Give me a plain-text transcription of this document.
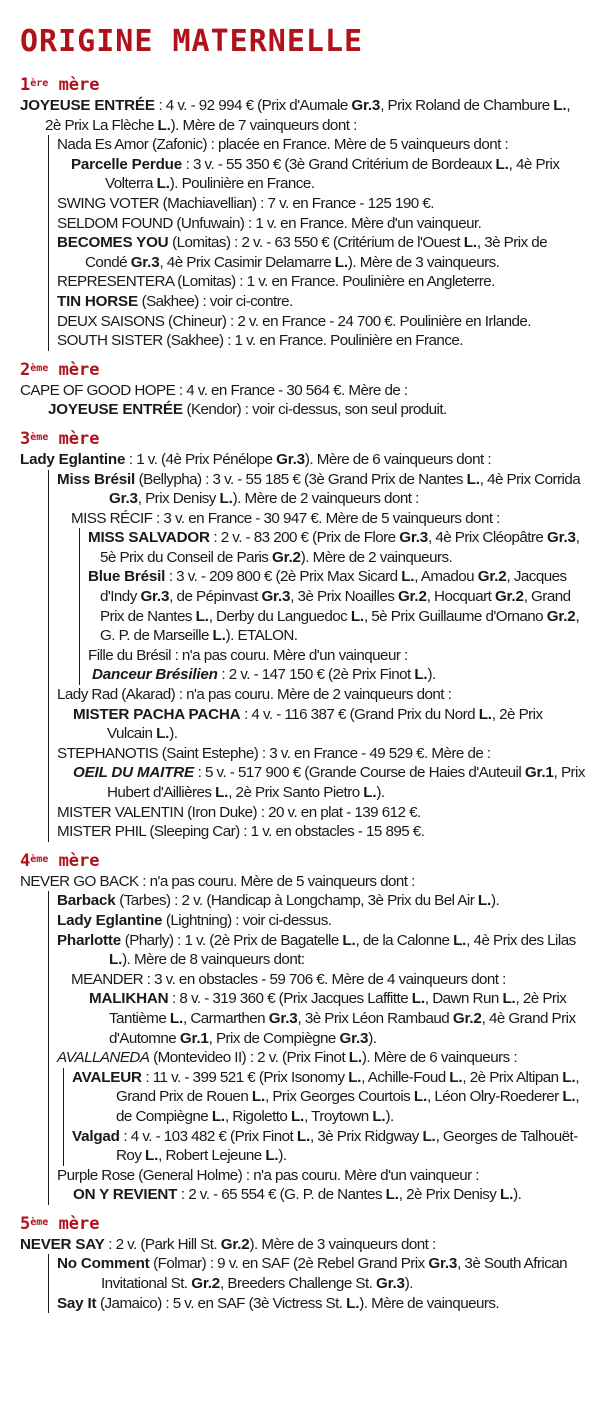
ORIGINE MATERNELLE
1ère mère
JOYEUSE ENTRÉE : 4 v. - 92 994 € (Prix d'Aumale Gr.3, Prix Roland de Chambure L., 2è Prix La Flèche L.). Mère de 7 vainqueurs dont :
Nada Es Amor (Zafonic) : placée en France. Mère de 5 vainqueurs dont :
Parcelle Perdue : 3 v. - 55 350 € (3è Grand Critérium de Bordeaux L., 4è Prix Volterra L.). Poulinière en France.
SWING VOTER (Machiavellian) : 7 v. en France - 125 190 €.
SELDOM FOUND (Unfuwain) : 1 v. en France. Mère d'un vainqueur.
BECOMES YOU (Lomitas) : 2 v. - 63 550 € (Critérium de l'Ouest L., 3è Prix de Condé Gr.3, 4è Prix Casimir Delamarre L.). Mère de 3 vainqueurs.
REPRESENTERA (Lomitas) : 1 v. en France. Poulinière en Angleterre.
TIN HORSE (Sakhee) : voir ci-contre.
DEUX SAISONS (Chineur) : 2 v. en France - 24 700 €. Poulinière en Irlande.
SOUTH SISTER (Sakhee) : 1 v. en France. Poulinière en France.
2ème mère
CAPE OF GOOD HOPE : 4 v. en France - 30 564 €. Mère de :
JOYEUSE ENTRÉE (Kendor) : voir ci-dessus, son seul produit.
3ème mère
Lady Eglantine : 1 v. (4è Prix Pénélope Gr.3). Mère de 6 vainqueurs dont :
Miss Brésil (Bellypha) : 3 v. - 55 185 € (3è Grand Prix de Nantes L., 4è Prix Corrida Gr.3, Prix Denisy L.). Mère de 2 vainqueurs dont :
MISS RÉCIF : 3 v. en France - 30 947 €. Mère de 5 vainqueurs dont :
MISS SALVADOR : 2 v. - 83 200 € (Prix de Flore Gr.3, 4è Prix Cléopâtre Gr.3, 5è Prix du Conseil de Paris Gr.2). Mère de 2 vainqueurs.
Blue Brésil : 3 v. - 209 800 € (2è Prix Max Sicard L., Amadou Gr.2, Jacques d'Indy Gr.3, de Pépinvast Gr.3, 3è Prix Noailles Gr.2, Hocquart Gr.2, Grand Prix de Nantes L., Derby du Languedoc L., 5è Prix Guillaume d'Ornano Gr.2, G. P. de Marseille L.). ETALON.
Fille du Brésil : n'a pas couru. Mère d'un vainqueur :
Danceur Brésilien : 2 v. - 147 150 € (2è Prix Finot L.).
Lady Rad (Akarad) : n'a pas couru. Mère de 2 vainqueurs dont :
MISTER PACHA PACHA : 4 v. - 116 387 € (Grand Prix du Nord L., 2è Prix Vulcain L.).
STEPHANOTIS (Saint Estephe) : 3 v. en France - 49 529 €. Mère de :
OEIL DU MAITRE : 5 v. - 517 900 € (Grande Course de Haies d'Auteuil Gr.1, Prix Hubert d'Aillières L., 2è Prix Santo Pietro L.).
MISTER VALENTIN (Iron Duke) : 20 v. en plat - 139 612 €.
MISTER PHIL (Sleeping Car) : 1 v. en obstacles - 15 895 €.
4ème mère
NEVER GO BACK : n'a pas couru. Mère de 5 vainqueurs dont :
Barback (Tarbes) : 2 v. (Handicap à Longchamp, 3è Prix du Bel Air L.).
Lady Eglantine (Lightning) : voir ci-dessus.
Pharlotte (Pharly) : 1 v. (2è Prix de Bagatelle L., de la Calonne L., 4è Prix des Lilas L.). Mère de 8 vainqueurs dont:
MEANDER : 3 v. en obstacles - 59 706 €. Mère de 4 vainqueurs dont :
MALIKHAN : 8 v. - 319 360 € (Prix Jacques Laffitte L., Dawn Run L., 2è Prix Tantième L., Carmarthen Gr.3, 3è Prix Léon Rambaud Gr.2, 4è Grand Prix d'Automne Gr.1, Prix de Compiègne Gr.3).
AVALLANEDA (Montevideo II) : 2 v. (Prix Finot L.). Mère de 6 vainqueurs :
AVALEUR : 11 v. - 399 521 € (Prix Isonomy L., Achille-Foud L., 2è Prix Altipan L., Grand Prix de Rouen L., Prix Georges Courtois L., Léon Olry-Roederer L., de Compiègne L., Rigoletto L., Troytown L.).
Valgad : 4 v. - 103 482 € (Prix Finot L., 3è Prix Ridgway L., Georges de Talhouët-Roy L., Robert Lejeune L.).
Purple Rose (General Holme) : n'a pas couru. Mère d'un vainqueur :
ON Y REVIENT : 2 v. - 65 554 € (G. P. de Nantes L., 2è Prix Denisy L.).
5ème mère
NEVER SAY : 2 v. (Park Hill St. Gr.2). Mère de 3 vainqueurs dont :
No Comment (Folmar) : 9 v. en SAF (2è Rebel Grand Prix Gr.3, 3è South African Invitational St. Gr.2, Breeders Challenge St. Gr.3).
Say It (Jamaico) : 5 v. en SAF (3è Victress St. L.). Mère de vainqueurs.
